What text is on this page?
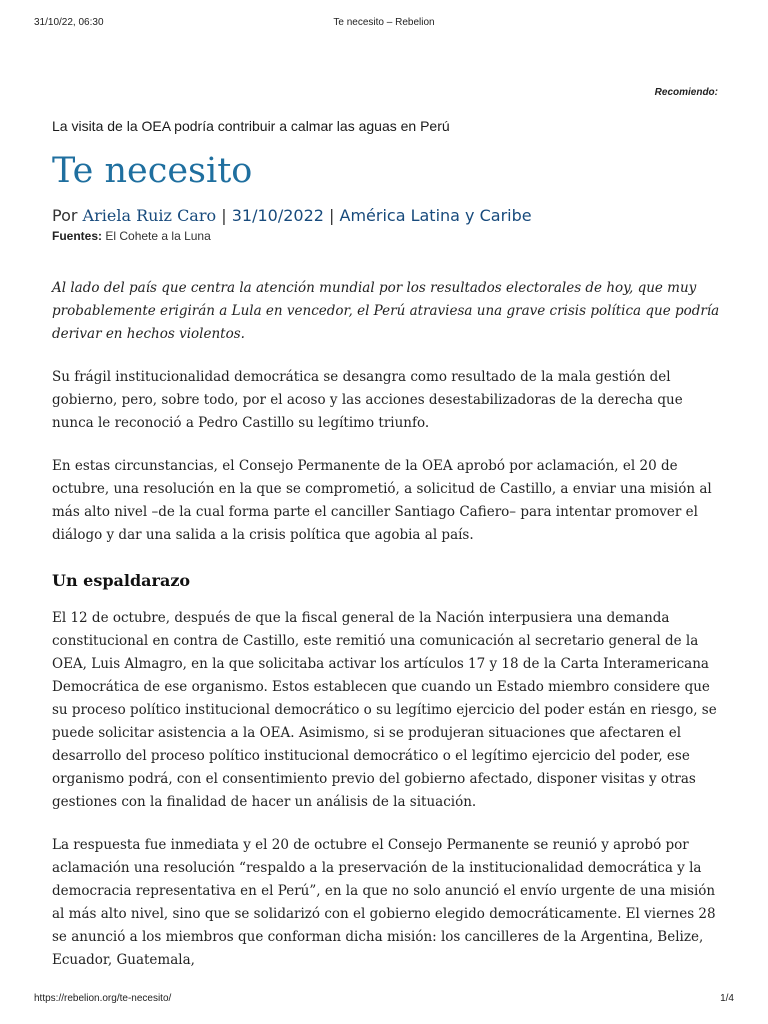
31/10/22, 06:30	Te necesito – Rebelion
Recomiendo:

La visita de la OEA podría contribuir a calmar las aguas en Perú

Te necesito
Por Ariela Ruiz Caro | 31/10/2022 | América Latina y Caribe
Fuentes: El Cohete a la Luna

Al lado del país que centra la atención mundial por los resultados electorales de hoy, que muy probablemente erigirán a Lula en vencedor, el Perú atraviesa una grave crisis política que podría derivar en hechos violentos.

Su frágil institucionalidad democrática se desangra como resultado de la mala gestión del gobierno, pero, sobre todo, por el acoso y las acciones desestabilizadoras de la derecha que nunca le reconoció a Pedro Castillo su legítimo triunfo.

En estas circunstancias, el Consejo Permanente de la OEA aprobó por aclamación, el 20 de octubre, una resolución en la que se comprometió, a solicitud de Castillo, a enviar una misión al más alto nivel –de la cual forma parte el canciller Santiago Cafiero– para intentar promover el diálogo y dar una salida a la crisis política que agobia al país.

Un espaldarazo

El 12 de octubre, después de que la fiscal general de la Nación interpusiera una demanda constitucional en contra de Castillo, este remitió una comunicación al secretario general de la OEA, Luis Almagro, en la que solicitaba activar los artículos 17 y 18 de la Carta Interamericana Democrática de ese organismo. Estos establecen que cuando un Estado miembro considere que su proceso político institucional democrático o su legítimo ejercicio del poder están en riesgo, se puede solicitar asistencia a la OEA. Asimismo, si se produjeran situaciones que afectaren el desarrollo del proceso político institucional democrático o el legítimo ejercicio del poder, ese organismo podrá, con el consentimiento previo del gobierno afectado, disponer visitas y otras gestiones con la finalidad de hacer un análisis de la situación.

La respuesta fue inmediata y el 20 de octubre el Consejo Permanente se reunió y aprobó por aclamación una resolución “respaldo a la preservación de la institucionalidad democrática y la democracia representativa en el Perú”, en la que no solo anunció el envío urgente de una misión al más alto nivel, sino que se solidarizó con el gobierno elegido democráticamente. El viernes 28 se anunció a los miembros que conforman dicha misión: los cancilleres de la Argentina, Belize, Ecuador, Guatemala,

https://rebelion.org/te-necesito/	1/4
